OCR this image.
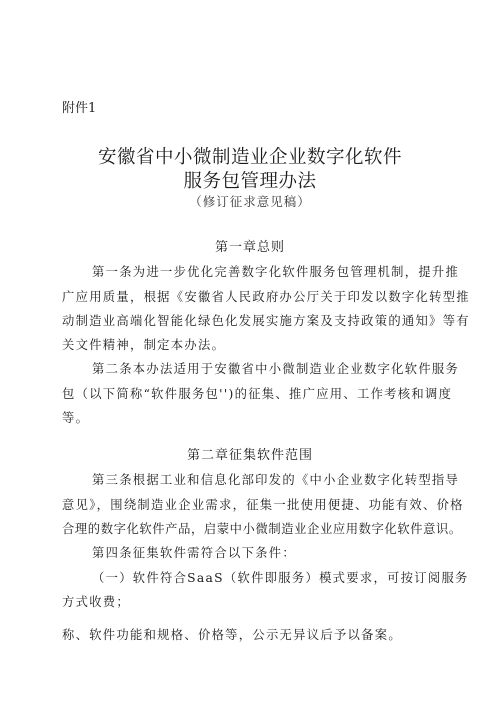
附件1
安徽省中小微制造业企业数字化软件
服务包管理办法
（修订征求意见稿）
第一章总则
第一条为进一步优化完善数字化软件服务包管理机制，提升推
广应用质量，根据《安徽省人民政府办公厅关于印发以数字化转型推
动制造业高端化智能化绿色化发展实施方案及支持政策的通知》等有
关文件精神，制定本办法。
第二条本办法适用于安徽省中小微制造业企业数字化软件服务
包（以下简称“软件服务包'')的征集、推广应用、工作考核和调度
等。
第二章征集软件范围
第三条根据工业和信息化部印发的《中小企业数字化转型指导
意见》，围绕制造业企业需求，征集一批使用便捷、功能有效、价格
合理的数字化软件产品，启蒙中小微制造业企业应用数字化软件意识。
第四条征集软件需符合以下条件：
（一）软件符合SaaS（软件即服务）模式要求，可按订阅服务
方式收费；
称、软件功能和规格、价格等，公示无异议后予以备案。
